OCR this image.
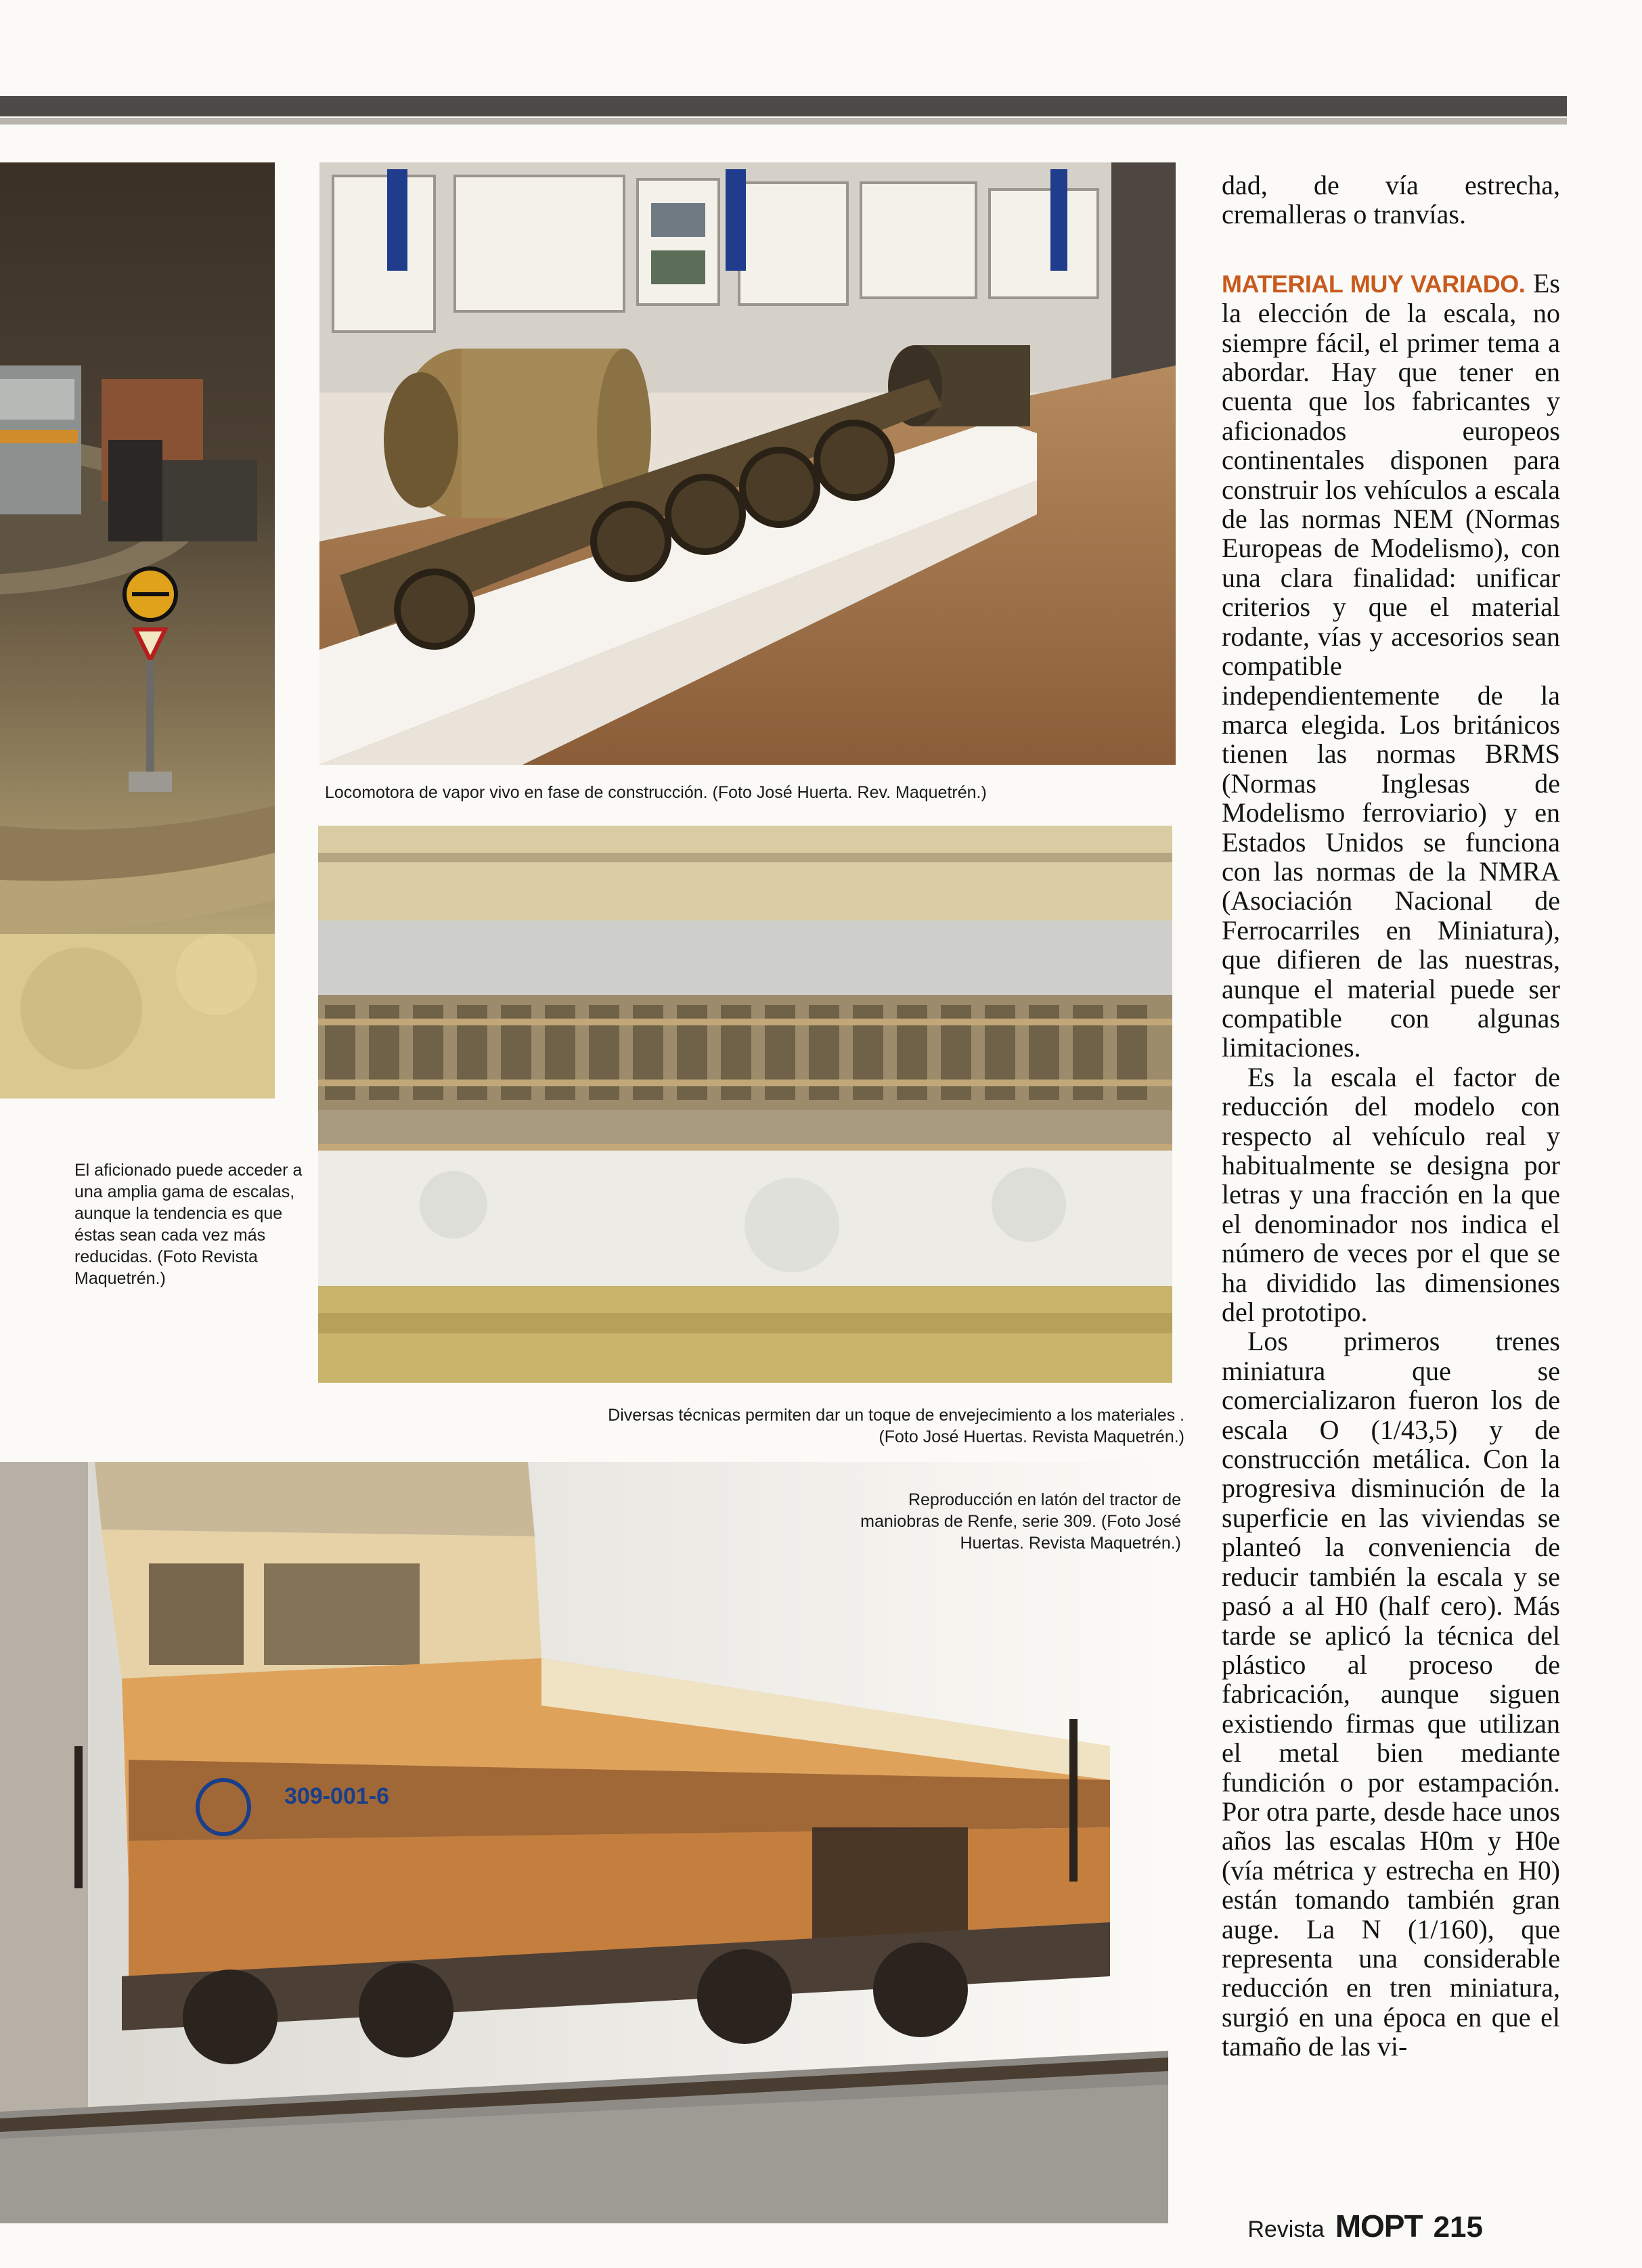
309-001-6

Locomotora de vapor vivo en fase de construcción. (Foto José Huerta. Rev. Maquetrén.)

El aficionado puede acceder a una amplia gama de escalas, aunque la tendencia es que éstas sean cada vez más reducidas. (Foto Revista Maquetrén.)

Diversas técnicas permiten dar un toque de envejecimiento a los materiales . (Foto José Huertas. Revista Maquetrén.)

Reproducción en latón del tractor de maniobras de Renfe, serie 309. (Foto José Huertas. Revista Maquetrén.)

dad, de vía estrecha, cremalleras o tranvías.

MATERIAL MUY VARIADO. Es la elección de la escala, no siempre fácil, el primer tema a abordar. Hay que tener en cuenta que los fabricantes y aficionados europeos continentales disponen para construir los vehículos a escala de las normas NEM (Normas Europeas de Modelismo), con una clara finalidad: unificar criterios y que el material rodante, vías y accesorios sean compatible independientemente de la marca elegida. Los británicos tienen las normas BRMS (Normas Inglesas de Modelismo ferroviario) y en Estados Unidos se funciona con las normas de la NMRA (Asociación Nacional de Ferrocarriles en Miniatura), que difieren de las nuestras, aunque el material puede ser compatible con algunas limitaciones.

Es la escala el factor de reducción del modelo con respecto al vehículo real y habitualmente se designa por letras y una fracción en la que el denominador nos indica el número de veces por el que se ha dividido las dimensiones del prototipo.

Los primeros trenes miniatura que se comercializaron fueron los de escala O (1/43,5) y de construcción metálica. Con la progresiva disminución de la superficie en las viviendas se planteó la conveniencia de reducir también la escala y se pasó a al H0 (half cero). Más tarde se aplicó la técnica del plástico al proceso de fabricación, aunque siguen existiendo firmas que utilizan el metal bien mediante fundición o por estampación. Por otra parte, desde hace unos años las escalas H0m y H0e (vía métrica y estrecha en H0) están tomando también gran auge. La N (1/160), que representa una considerable reducción en tren miniatura, surgió en una época en que el tamaño de las vi-

Revista MOPT 215
